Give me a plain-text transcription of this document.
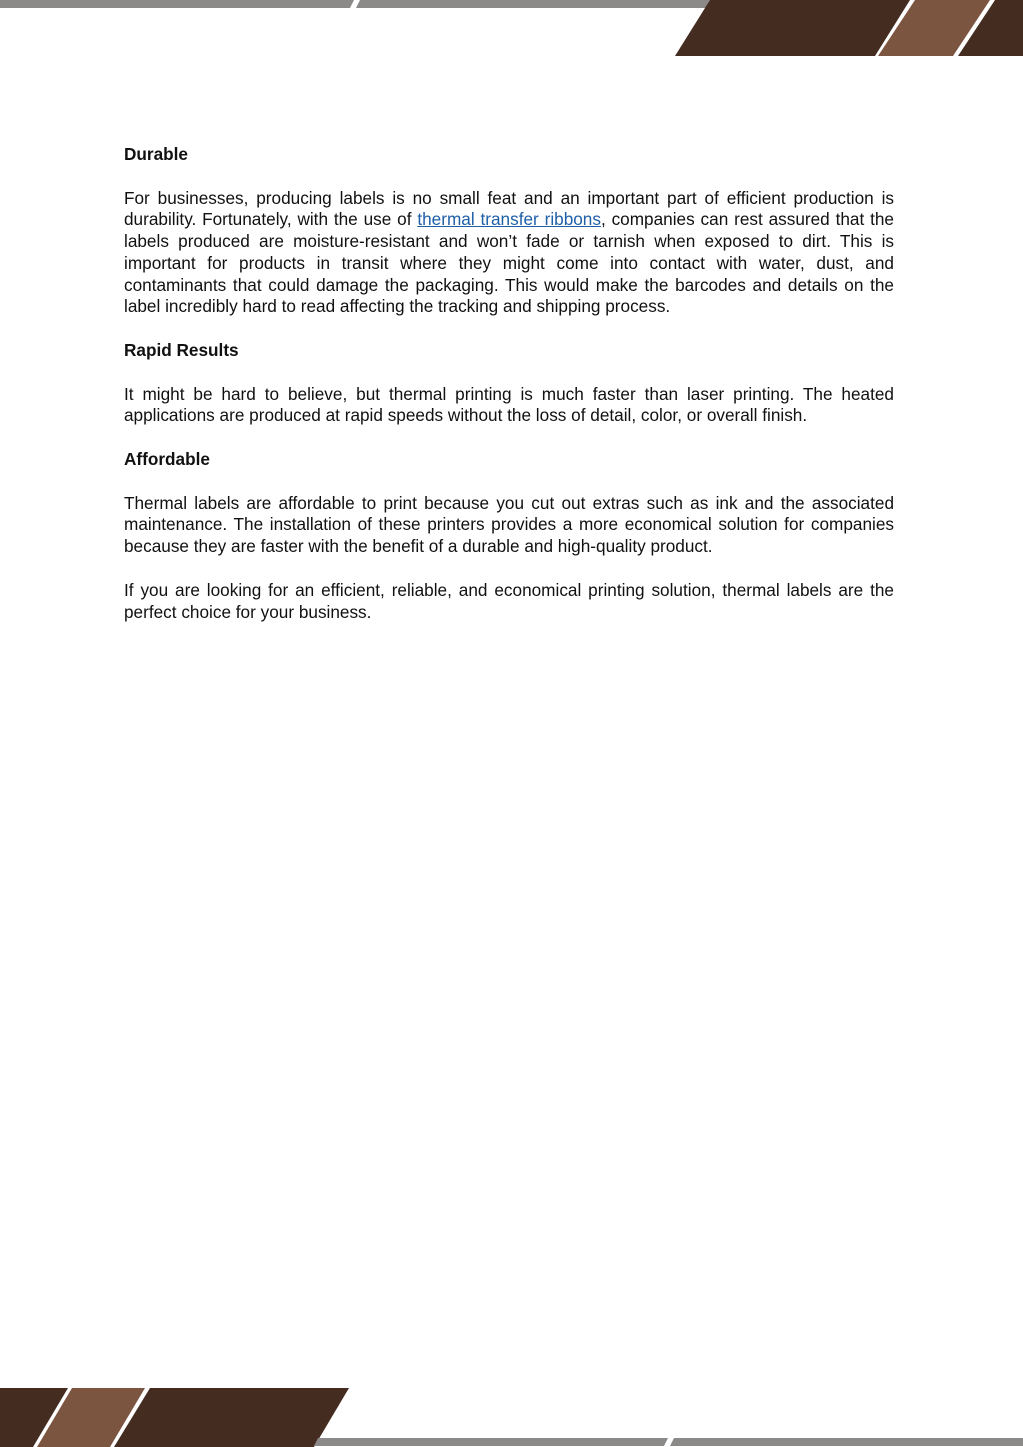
Durable

For businesses, producing labels is no small feat and an important part of efficient production is durability. Fortunately, with the use of thermal transfer ribbons, companies can rest assured that the labels produced are moisture-resistant and won’t fade or tarnish when exposed to dirt. This is important for products in transit where they might come into contact with water, dust, and contaminants that could damage the packaging. This would make the barcodes and details on the label incredibly hard to read affecting the tracking and shipping process.

Rapid Results

It might be hard to believe, but thermal printing is much faster than laser printing. The heated applications are produced at rapid speeds without the loss of detail, color, or overall finish.

Affordable

Thermal labels are affordable to print because you cut out extras such as ink and the associated maintenance. The installation of these printers provides a more economical solution for companies because they are faster with the benefit of a durable and high-quality product.

If you are looking for an efficient, reliable, and economical printing solution, thermal labels are the perfect choice for your business.
